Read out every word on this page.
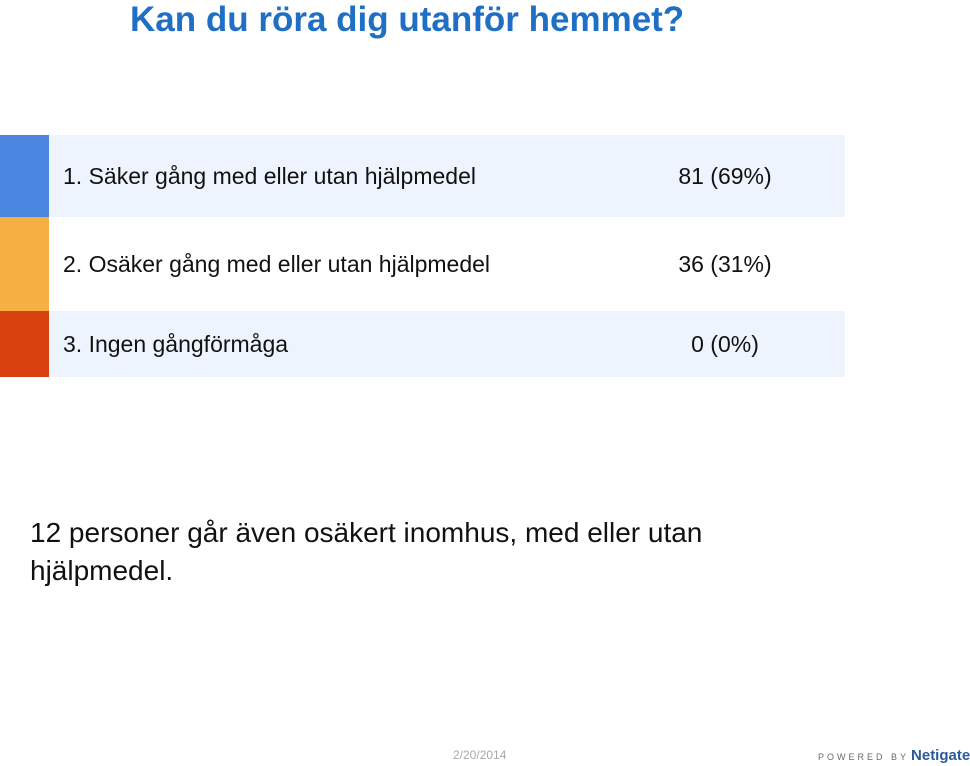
Kan du röra dig utanför hemmet?
1. Säker gång med eller utan hjälpmedel	81 (69%)
2. Osäker gång med eller utan hjälpmedel	36 (31%)
3. Ingen gångförmåga	0 (0%)
12 personer går även osäkert inomhus, med eller utan hjälpmedel.
2/20/2014	POWERED BY Netigate
